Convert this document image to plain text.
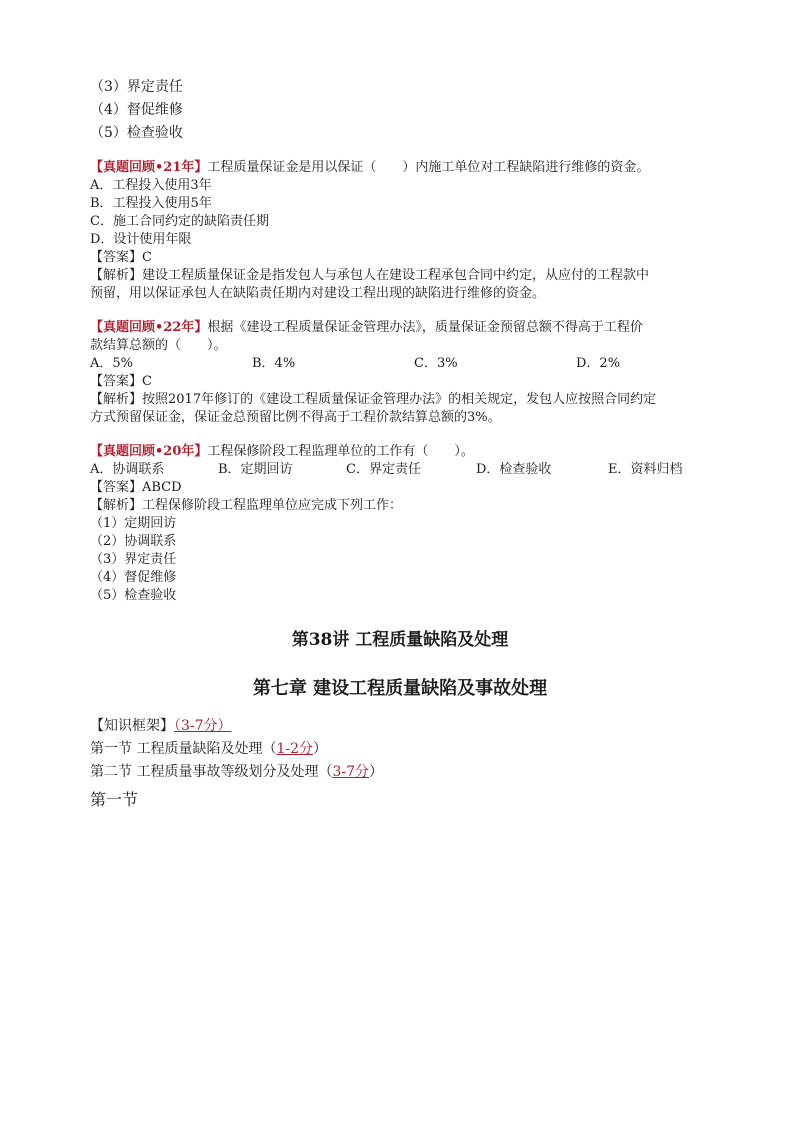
（3）界定责任
（4）督促维修
（5）检查验收
【真题回顾•21年】工程质量保证金是用以保证（　　）内施工单位对工程缺陷进行维修的资金。
A．工程投入使用3年
B．工程投入使用5年
C．施工合同约定的缺陷责任期
D．设计使用年限
【答案】C
【解析】建设工程质量保证金是指发包人与承包人在建设工程承包合同中约定，从应付的工程款中
预留，用以保证承包人在缺陷责任期内对建设工程出现的缺陷进行维修的资金。
【真题回顾•22年】根据《建设工程质量保证金管理办法》，质量保证金预留总额不得高于工程价
款结算总额的（　　）。
A．5%	B．4%	C．3%	D．2%
【答案】C
【解析】按照2017年修订的《建设工程质量保证金管理办法》的相关规定，发包人应按照合同约定
方式预留保证金，保证金总预留比例不得高于工程价款结算总额的3%。
【真题回顾•20年】工程保修阶段工程监理单位的工作有（　　）。
A．协调联系	B．定期回访	C．界定责任	D．检查验收	E．资料归档
【答案】ABCD
【解析】工程保修阶段工程监理单位应完成下列工作：
（1）定期回访
（2）协调联系
（3）界定责任
（4）督促维修
（5）检查验收
第38讲 工程质量缺陷及处理
第七章 建设工程质量缺陷及事故处理
【知识框架】（3-7分）
第一节 工程质量缺陷及处理（1-2分）
第二节 工程质量事故等级划分及处理（3-7分）
第一节
